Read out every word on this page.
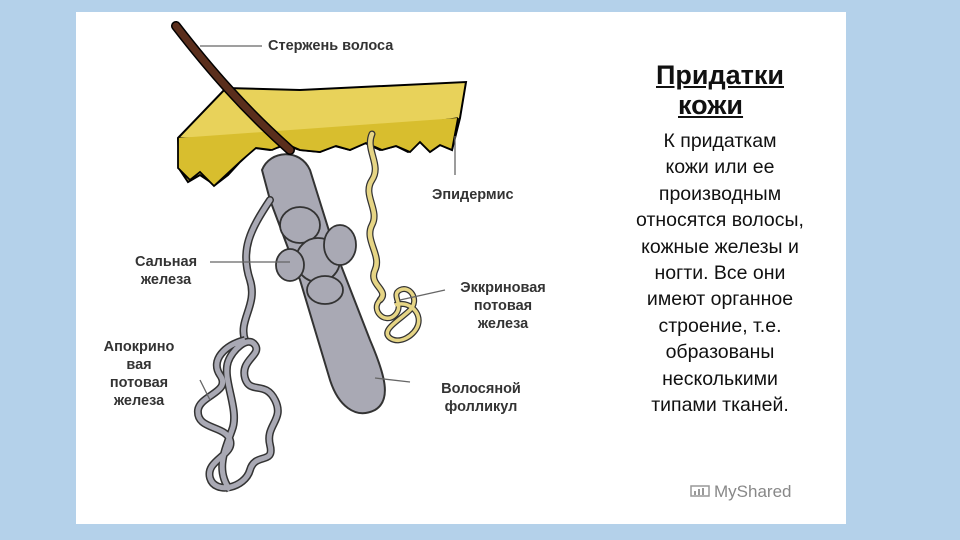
Стержень волоса
Эпидермис
Сальная
железа	Эккриновая
потовая
железа
Апокрино
вая
потовая
железа
Волосяной
фолликул
Придатки
кожи
К придаткам
кожи или ее
производным
относятся волосы,
кожные железы и
ногти. Все они
имеют органное
строение, т.е.
образованы
несколькими
типами тканей.
MyShared
